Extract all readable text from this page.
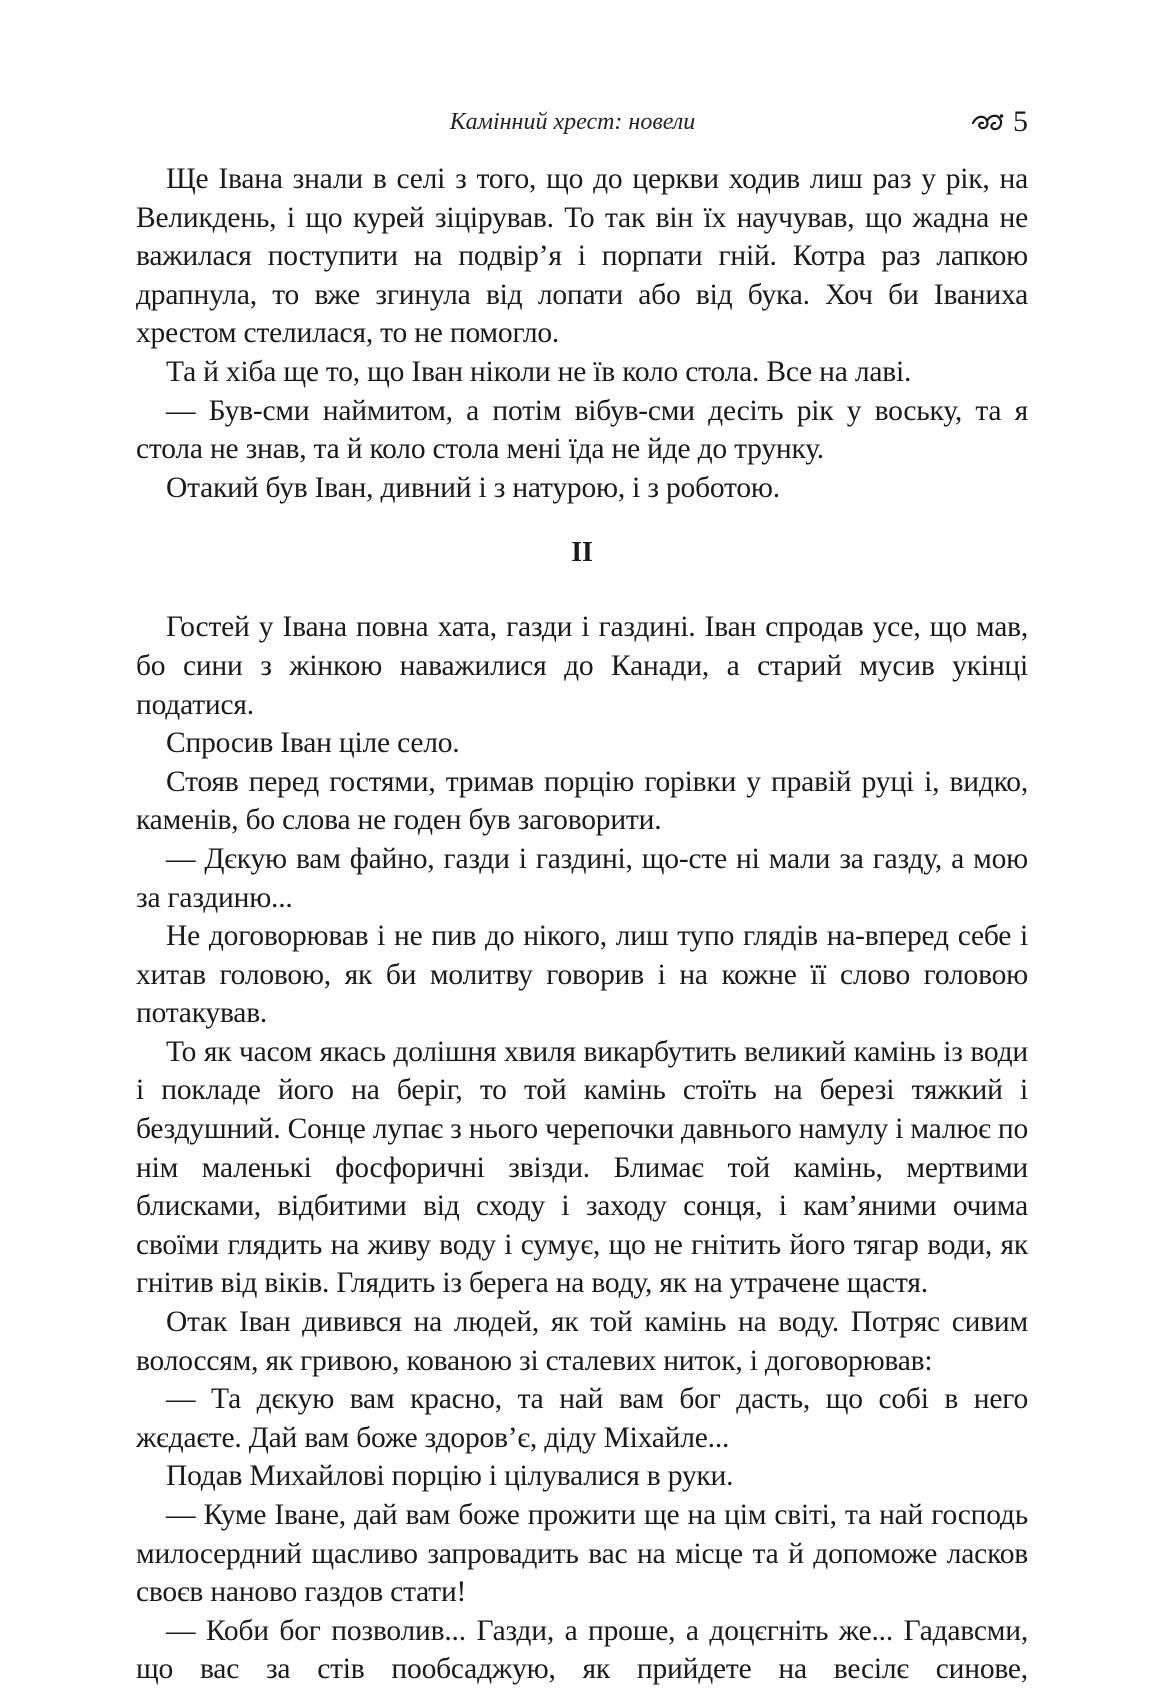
Камінний хрест: новели	5

Ще Івана знали в селі з того, що до церкви ходив лиш раз у рік, на Великдень, і що курей зіцірував. То так він їх научував, що жадна не важилася поступити на подвір’я і порпати гній. Котра раз лапкою драпнула, то вже згинула від лопати або від бука. Хоч би Іваниха хрестом стелилася, то не помогло.

Та й хіба ще то, що Іван ніколи не їв коло стола. Все на лаві.

— Був-сми наймитом, а потім вібув-сми десіть рік у воську, та я стола не знав, та й коло стола мені їда не йде до трунку.

Отакий був Іван, дивний і з натурою, і з роботою.

II

Гостей у Івана повна хата, газди і газдині. Іван спродав усе, що мав, бо сини з жінкою наважилися до Канади, а старий мусив укінці податися.

Спросив Іван ціле село.

Стояв перед гостями, тримав порцію горівки у правій руці і, видко, каменів, бо слова не годен був заговорити.

— Дєкую вам файно, газди і газдині, що-сте ні мали за газду, а мою за газдиню...

Не договорював і не пив до нікого, лиш тупо глядів на-вперед себе і хитав головою, як би молитву говорив і на кожне її слово головою потакував.

То як часом якась долішня хвиля викарбутить великий камінь із води і покладе його на беріг, то той камінь стоїть на березі тяжкий і бездушний. Сонце лупає з нього черепочки давнього намулу і малює по нім маленькі фосфоричні звізди. Блимає той камінь, мертвими блисками, відбитими від сходу і заходу сонця, і кам’яними очима своїми глядить на живу воду і сумує, що не гнітить його тягар води, як гнітив від віків. Глядить із берега на воду, як на утрачене щастя.

Отак Іван дивився на людей, як той камінь на воду. Потряс сивим волоссям, як гривою, кованою зі сталевих ниток, і договорював:

— Та дєкую вам красно, та най вам бог дасть, що собі в него жєдаєте. Дай вам боже здоров’є, діду Міхайле...

Подав Михайлові порцію і цілувалися в руки.

— Куме Іване, дай вам боже прожити ще на цім світі, та най господь милосердний щасливо запровадить вас на місце та й допоможе ласков своєв наново газдов стати!

— Коби бог позволив... Газди, а проше, а доцєгніть же... Гадавсми, що вас за стів пообсаджую, як прийдете на весілє синове,
